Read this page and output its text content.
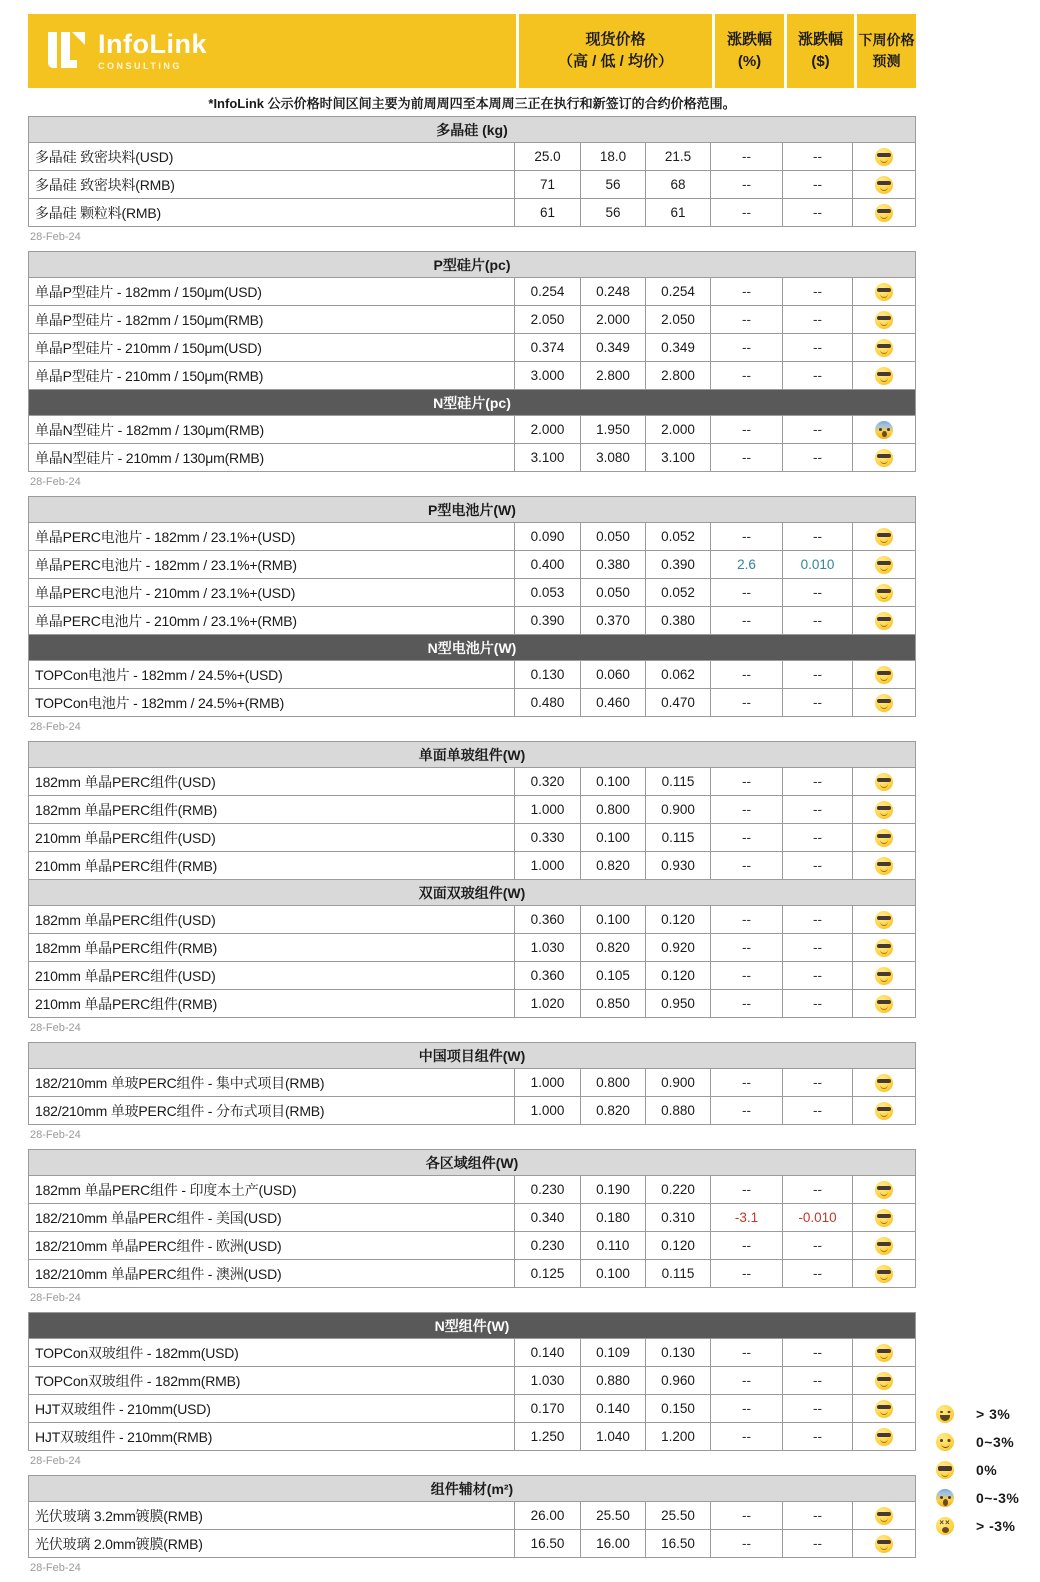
InfoLink
CONSULTING
现货价格
（高 / 低 / 均价）
涨跌幅
(%)
涨跌幅
($)
下周价格
预测
*InfoLink 公示价格时间区间主要为前周周四至本周周三正在执行和新签订的合约价格范围。
多晶硅 (kg)
多晶硅 致密块料(USD)	25.0	18.0	21.5	--	--
多晶硅 致密块料(RMB)	71	56	68	--	--
多晶硅 颗粒料(RMB)	61	56	61	--	--
28-Feb-24
P型硅片(pc)
单晶P型硅片 - 182mm / 150μm(USD)	0.254	0.248	0.254	--	--
单晶P型硅片 - 182mm / 150μm(RMB)	2.050	2.000	2.050	--	--
单晶P型硅片 - 210mm / 150μm(USD)	0.374	0.349	0.349	--	--
单晶P型硅片 - 210mm / 150μm(RMB)	3.000	2.800	2.800	--	--
N型硅片(pc)
单晶N型硅片 - 182mm / 130μm(RMB)	2.000	1.950	2.000	--	--
单晶N型硅片 - 210mm / 130μm(RMB)	3.100	3.080	3.100	--	--
28-Feb-24
P型电池片(W)
单晶PERC电池片 - 182mm / 23.1%+(USD)	0.090	0.050	0.052	--	--
单晶PERC电池片 - 182mm / 23.1%+(RMB)	0.400	0.380	0.390	2.6	0.010
单晶PERC电池片 - 210mm / 23.1%+(USD)	0.053	0.050	0.052	--	--
单晶PERC电池片 - 210mm / 23.1%+(RMB)	0.390	0.370	0.380	--	--
N型电池片(W)
TOPCon电池片 - 182mm / 24.5%+(USD)	0.130	0.060	0.062	--	--
TOPCon电池片 - 182mm / 24.5%+(RMB)	0.480	0.460	0.470	--	--
28-Feb-24
单面单玻组件(W)
182mm 单晶PERC组件(USD)	0.320	0.100	0.115	--	--
182mm 单晶PERC组件(RMB)	1.000	0.800	0.900	--	--
210mm 单晶PERC组件(USD)	0.330	0.100	0.115	--	--
210mm 单晶PERC组件(RMB)	1.000	0.820	0.930	--	--
双面双玻组件(W)
182mm 单晶PERC组件(USD)	0.360	0.100	0.120	--	--
182mm 单晶PERC组件(RMB)	1.030	0.820	0.920	--	--
210mm 单晶PERC组件(USD)	0.360	0.105	0.120	--	--
210mm 单晶PERC组件(RMB)	1.020	0.850	0.950	--	--
28-Feb-24
中国项目组件(W)
182/210mm 单玻PERC组件 - 集中式项目(RMB)	1.000	0.800	0.900	--	--
182/210mm 单玻PERC组件 - 分布式项目(RMB)	1.000	0.820	0.880	--	--
28-Feb-24
各区域组件(W)
182mm 单晶PERC组件 - 印度本土产(USD)	0.230	0.190	0.220	--	--
182/210mm 单晶PERC组件 - 美国(USD)	0.340	0.180	0.310	-3.1	-0.010
182/210mm 单晶PERC组件 - 欧洲(USD)	0.230	0.110	0.120	--	--
182/210mm 单晶PERC组件 - 澳洲(USD)	0.125	0.100	0.115	--	--
28-Feb-24
N型组件(W)
TOPCon双玻组件 - 182mm(USD)	0.140	0.109	0.130	--	--
TOPCon双玻组件 - 182mm(RMB)	1.030	0.880	0.960	--	--
HJT双玻组件 - 210mm(USD)	0.170	0.140	0.150	--	--
HJT双玻组件 - 210mm(RMB)	1.250	1.040	1.200	--	--
28-Feb-24
组件辅材(m²)
光伏玻璃 3.2mm镀膜(RMB)	26.00	25.50	25.50	--	--
光伏玻璃 2.0mm镀膜(RMB)	16.50	16.00	16.50	--	--
28-Feb-24
> 3%
0~3%
0%
0~-3%
××
> -3%
